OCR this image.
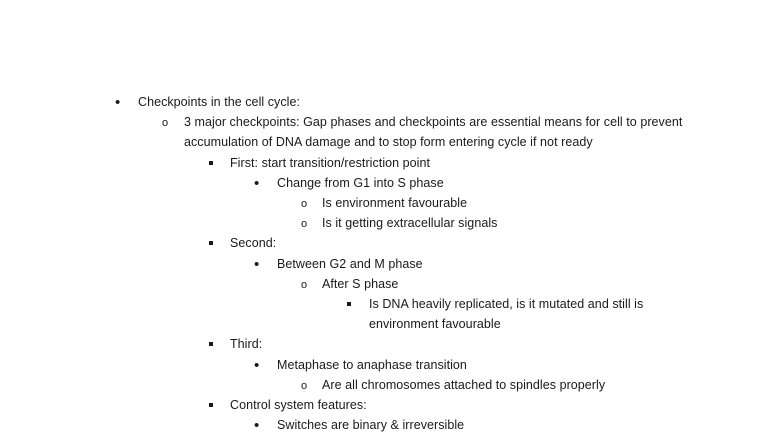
•
Checkpoints in the cell cycle:
o
3 major checkpoints: Gap phases and checkpoints are essential means for cell to prevent
accumulation of DNA damage and to stop form entering cycle if not ready
First: start transition/restriction point
•
Change from G1 into S phase
o
Is environment favourable
o
Is it getting extracellular signals
Second:
•
Between G2 and M phase
o
After S phase
Is DNA heavily replicated, is it mutated and still is
environment favourable
Third:
•
Metaphase to anaphase transition
o
Are all chromosomes attached to spindles properly
Control system features:
•
Switches are binary & irreversible
